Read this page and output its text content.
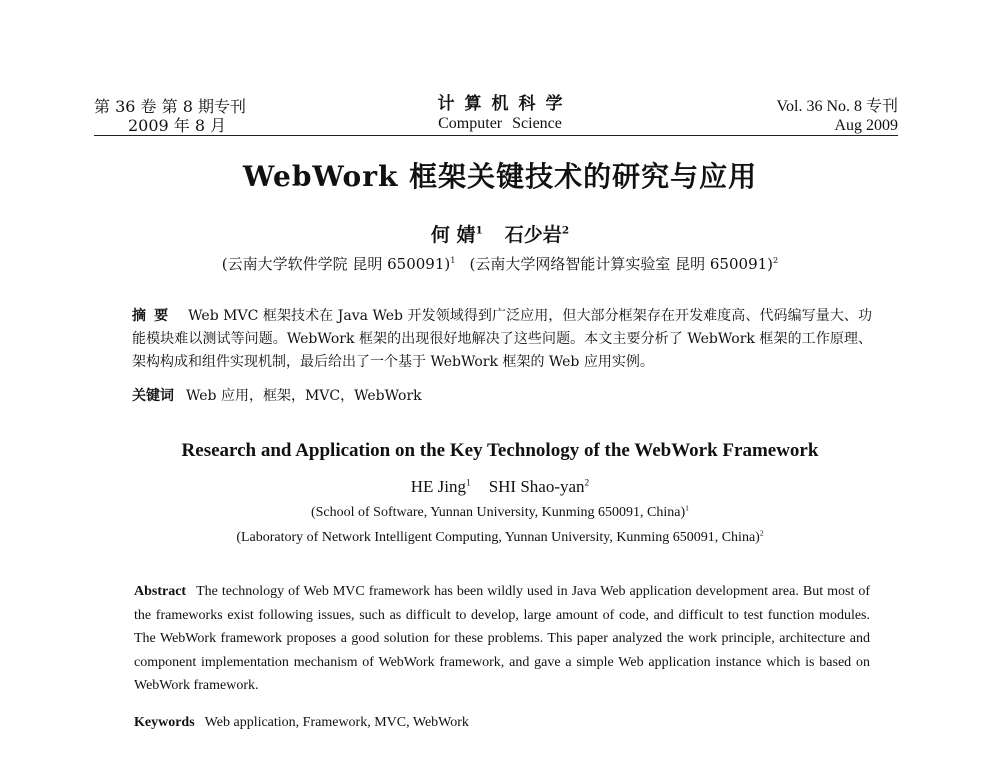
第 36 卷 第 8 期专刊
2009 年 8 月
计算机科学
Computer Science
Vol. 36 No. 8 专刊
Aug 2009
WebWork 框架关键技术的研究与应用
何 婧$^1$ 石少岩$^2$
(云南大学软件学院 昆明 650091)$^1$ (云南大学网络智能计算实验室 昆明 650091)$^2$
摘要 Web MVC 框架技术在 Java Web 开发领域得到广泛应用，但大部分框架存在开发难度高、代码编写量大、功能模块难以测试等问题。WebWork 框架的出现很好地解决了这些问题。本文主要分析了 WebWork 框架的工作原理、架构构成和组件实现机制，最后给出了一个基于 WebWork 框架的 Web 应用实例。
关键词 Web 应用，框架，MVC，WebWork
Research and Application on the Key Technology of the WebWork Framework
HE Jing$^1$ SHI Shao-yan$^2$
(School of Software, Yunnan University, Kunming 650091, China)$^1$
(Laboratory of Network Intelligent Computing, Yunnan University, Kunming 650091, China)$^2$
Abstract The technology of Web MVC framework has been wildly used in Java Web application development area. But most of the frameworks exist following issues, such as difficult to develop, large amount of code, and difficult to test function modules. The WebWork framework proposes a good solution for these problems. This paper analyzed the work principle, architecture and component implementation mechanism of WebWork framework, and gave a simple Web application instance which is based on WebWork framework.
Keywords Web application, Framework, MVC, WebWork
